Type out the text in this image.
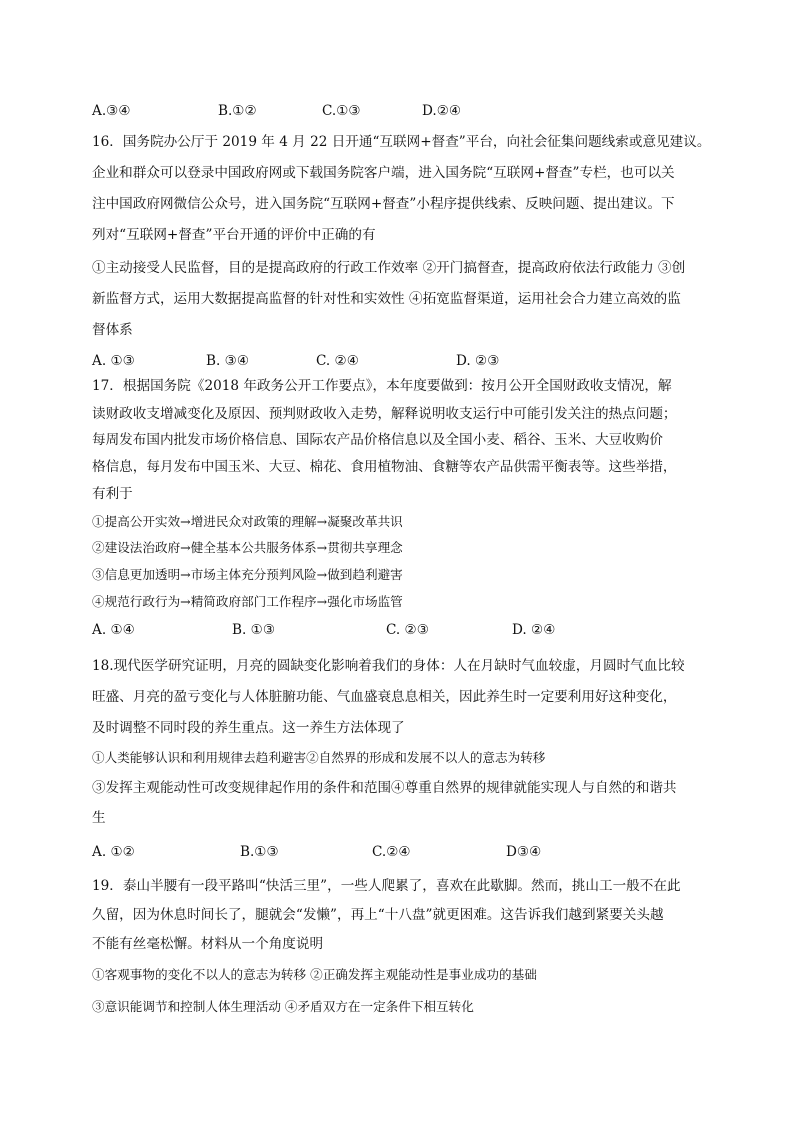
A.③④	B.①②	C.①③	D.②④
16．国务院办公厅于 2019 年 4 月 22 日开通“互联网+督查”平台，向社会征集问题线索或意见建议。
企业和群众可以登录中国政府网或下载国务院客户端，进入国务院“互联网+督查”专栏，也可以关
注中国政府网微信公众号，进入国务院“互联网+督查”小程序提供线索、反映问题、提出建议。下
列对“互联网+督查”平台开通的评价中正确的有
①主动接受人民监督，目的是提高政府的行政工作效率 ②开门搞督查，提高政府依法行政能力 ③创
新监督方式，运用大数据提高监督的针对性和实效性 ④拓宽监督渠道，运用社会合力建立高效的监
督体系
A. ①③	B. ③④	C. ②④	D. ②③
17．根据国务院《2018 年政务公开工作要点》，本年度要做到：按月公开全国财政收支情况，解
读财政收支增减变化及原因、预判财政收入走势，解释说明收支运行中可能引发关注的热点问题；
每周发布国内批发市场价格信息、国际农产品价格信息以及全国小麦、稻谷、玉米、大豆收购价
格信息，每月发布中国玉米、大豆、棉花、食用植物油、食糖等农产品供需平衡表等。这些举措，
有利于
①提高公开实效→增进民众对政策的理解→凝聚改革共识
②建设法治政府→健全基本公共服务体系→贯彻共享理念
③信息更加透明→市场主体充分预判风险→做到趋利避害
④规范行政行为→精简政府部门工作程序→强化市场监管
A. ①④	B. ①③	C. ②③	D. ②④
18.现代医学研究证明，月亮的圆缺变化影响着我们的身体：人在月缺时气血较虚，月圆时气血比较
旺盛、月亮的盈亏变化与人体脏腑功能、气血盛衰息息相关，因此养生时一定要利用好这种变化，
及时调整不同时段的养生重点。这一养生方法体现了
①人类能够认识和利用规律去趋利避害②自然界的形成和发展不以人的意志为转移
③发挥主观能动性可改变规律起作用的条件和范围④尊重自然界的规律就能实现人与自然的和谐共
生
A. ①②	B.①③	C.②④	D③④
19．泰山半腰有一段平路叫“快活三里”，一些人爬累了，喜欢在此歇脚。然而，挑山工一般不在此
久留，因为休息时间长了，腿就会“发懒”，再上“十八盘”就更困难。这告诉我们越到紧要关头越
不能有丝毫松懈。材料从一个角度说明
①客观事物的变化不以人的意志为转移 ②正确发挥主观能动性是事业成功的基础
③意识能调节和控制人体生理活动 ④矛盾双方在一定条件下相互转化
